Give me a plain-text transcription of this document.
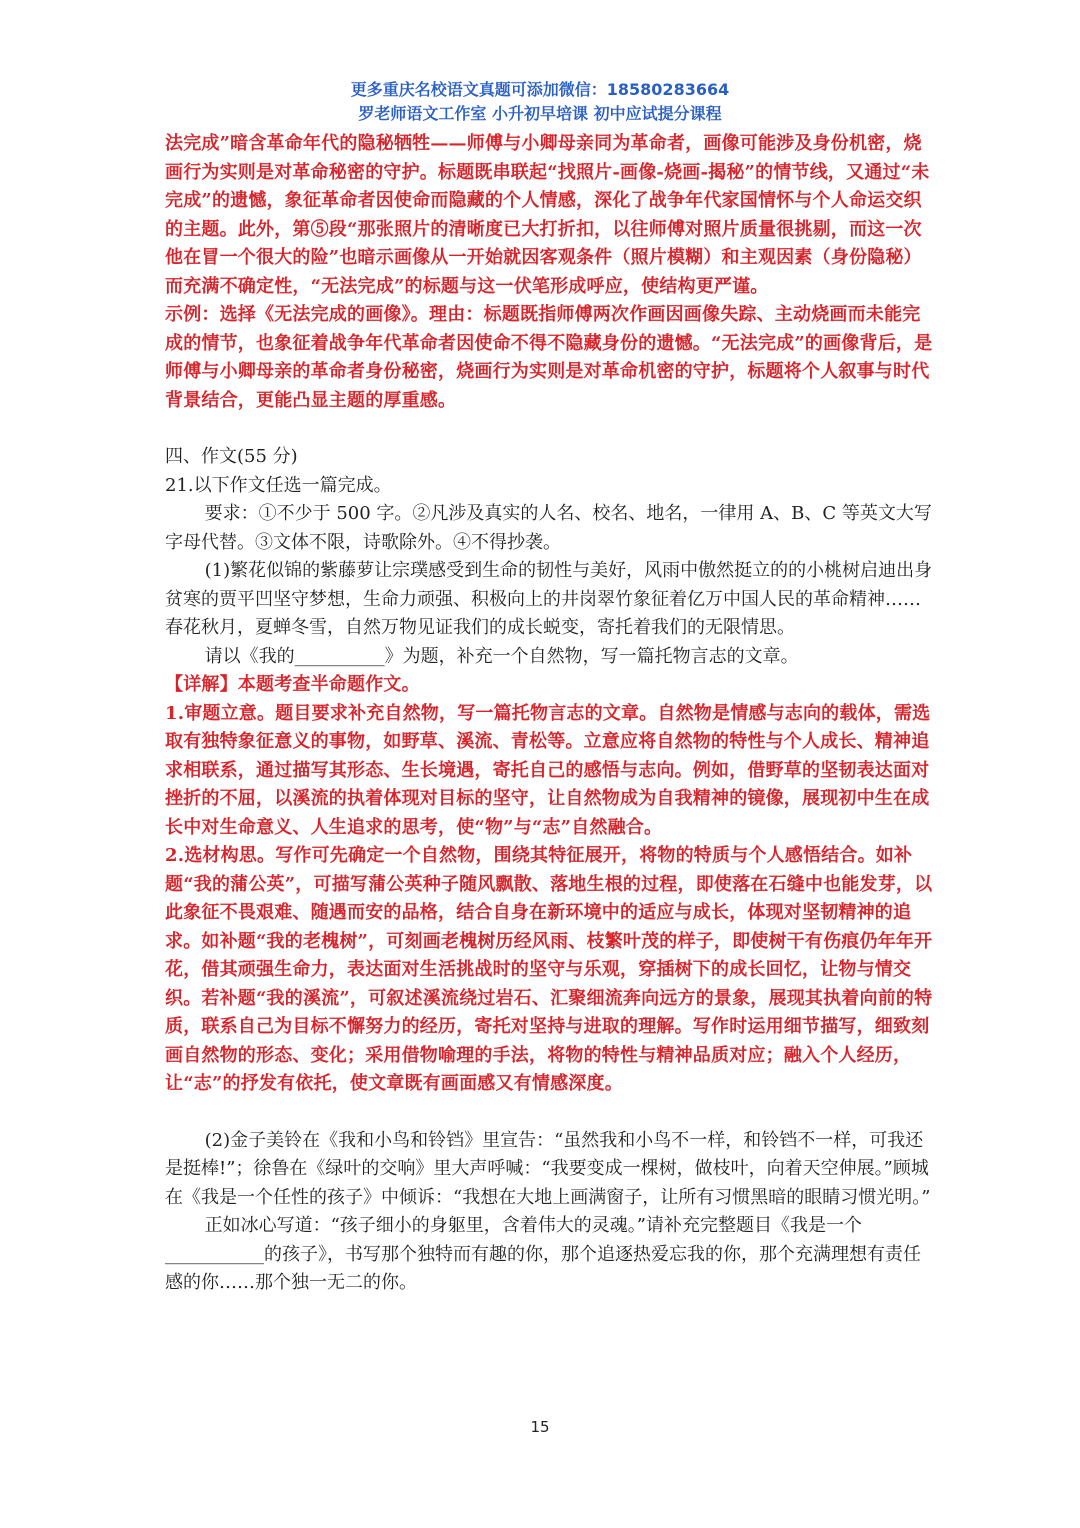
更多重庆名校语文真题可添加微信：18580283664
罗老师语文工作室 小升初早培课 初中应试提分课程

法完成”暗含革命年代的隐秘牺牲——师傅与小卿母亲同为革命者，画像可能涉及身份机密，烧画行为实则是对革命秘密的守护。标题既串联起“找照片-画像-烧画-揭秘”的情节线，又通过“未完成”的遗憾，象征革命者因使命而隐藏的个人情感，深化了战争年代家国情怀与个人命运交织的主题。此外，第⑤段“那张照片的清晰度已大打折扣，以往师傅对照片质量很挑剔，而这一次他在冒一个很大的险”也暗示画像从一开始就因客观条件（照片模糊）和主观因素（身份隐秘）而充满不确定性，“无法完成”的标题与这一伏笔形成呼应，使结构更严谨。

示例：选择《无法完成的画像》。理由：标题既指师傅两次作画因画像失踪、主动烧画而未能完成的情节，也象征着战争年代革命者因使命不得不隐藏身份的遗憾。“无法完成”的画像背后，是师傅与小卿母亲的革命者身份秘密，烧画行为实则是对革命机密的守护，标题将个人叙事与时代背景结合，更能凸显主题的厚重感。

四、作文(55 分)

21.以下作文任选一篇完成。

要求：①不少于 500 字。②凡涉及真实的人名、校名、地名，一律用 A、B、C 等英文大写字母代替。③文体不限，诗歌除外。④不得抄袭。

(1)繁花似锦的紫藤萝让宗璞感受到生命的韧性与美好，风雨中傲然挺立的的小桃树启迪出身贫寒的贾平凹坚守梦想，生命力顽强、积极向上的井岗翠竹象征着亿万中国人民的革命精神……春花秋月，夏蝉冬雪，自然万物见证我们的成长蜕变，寄托着我们的无限情思。

请以《我的__________》为题，补充一个自然物，写一篇托物言志的文章。

【详解】本题考查半命题作文。

1.审题立意。题目要求补充自然物，写一篇托物言志的文章。自然物是情感与志向的载体，需选取有独特象征意义的事物，如野草、溪流、青松等。立意应将自然物的特性与个人成长、精神追求相联系，通过描写其形态、生长境遇，寄托自己的感悟与志向。例如，借野草的坚韧表达面对挫折的不屈，以溪流的执着体现对目标的坚守，让自然物成为自我精神的镜像，展现初中生在成长中对生命意义、人生追求的思考，使“物”与“志”自然融合。

2.选材构思。写作可先确定一个自然物，围绕其特征展开，将物的特质与个人感悟结合。如补题“我的蒲公英”，可描写蒲公英种子随风飘散、落地生根的过程，即使落在石缝中也能发芽，以此象征不畏艰难、随遇而安的品格，结合自身在新环境中的适应与成长，体现对坚韧精神的追求。如补题“我的老槐树”，可刻画老槐树历经风雨、枝繁叶茂的样子，即使树干有伤痕仍年年开花，借其顽强生命力，表达面对生活挑战时的坚守与乐观，穿插树下的成长回忆，让物与情交织。若补题“我的溪流”，可叙述溪流绕过岩石、汇聚细流奔向远方的景象，展现其执着向前的特质，联系自己为目标不懈努力的经历，寄托对坚持与进取的理解。写作时运用细节描写，细致刻画自然物的形态、变化；采用借物喻理的手法，将物的特性与精神品质对应；融入个人经历，让“志”的抒发有依托，使文章既有画面感又有情感深度。

(2)金子美铃在《我和小鸟和铃铛》里宣告：“虽然我和小鸟不一样，和铃铛不一样，可我还是挺棒!”；徐鲁在《绿叶的交响》里大声呼喊：“我要变成一棵树，做枝叶，向着天空伸展。”顾城在《我是一个任性的孩子》中倾诉：“我想在大地上画满窗子，让所有习惯黑暗的眼睛习惯光明。”

正如冰心写道：“孩子细小的身躯里，含着伟大的灵魂。”请补充完整题目《我是一个___________的孩子》，书写那个独特而有趣的你，那个追逐热爱忘我的你，那个充满理想有责任感的你……那个独一无二的你。

15
